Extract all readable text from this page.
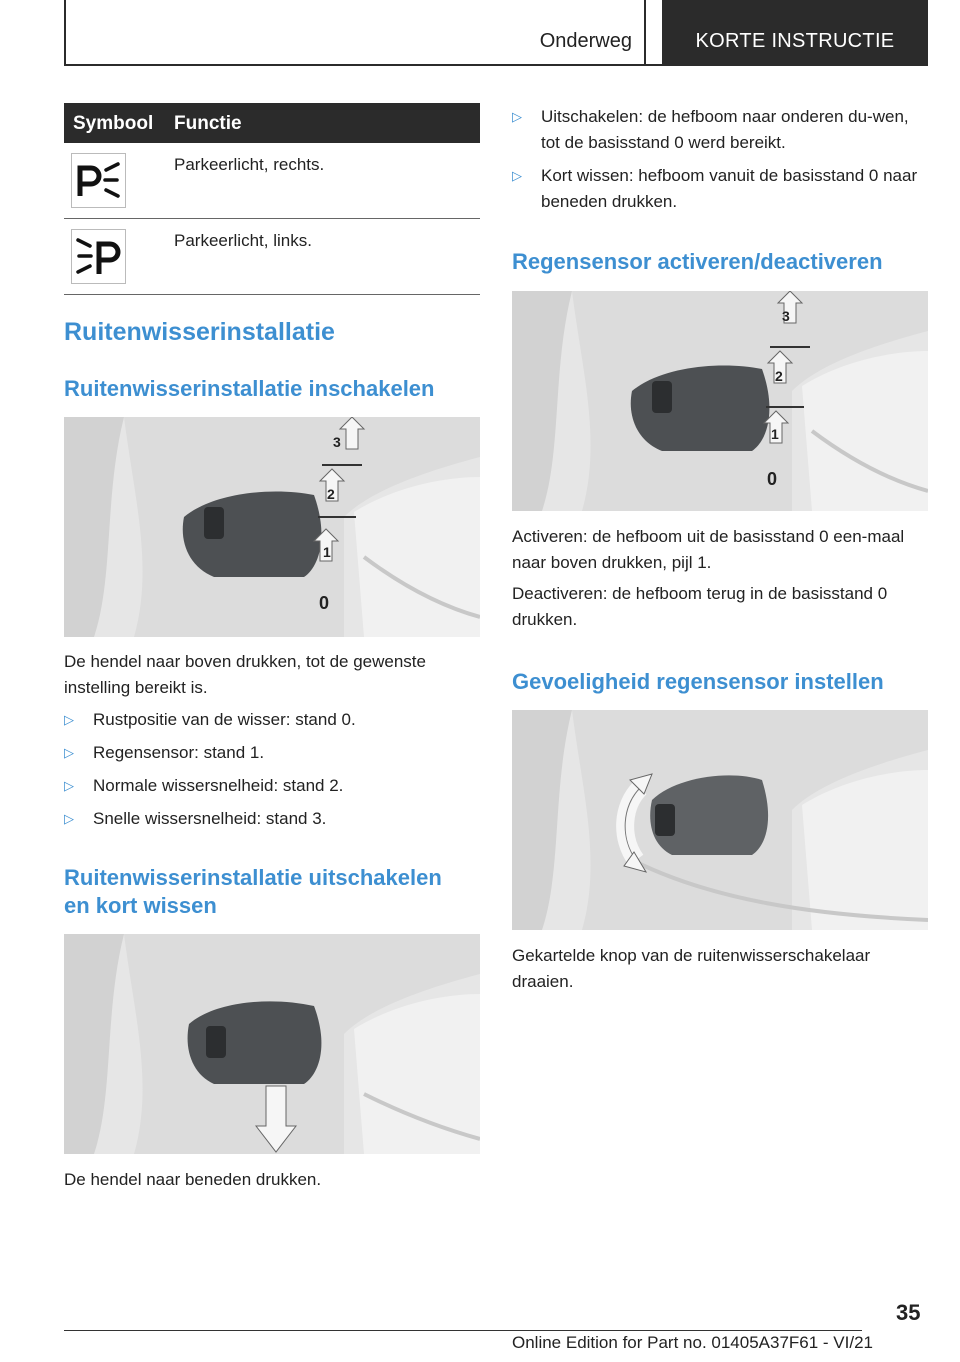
Onderweg	KORTE INSTRUCTIE
Symbool Functie
Parkeerlicht, rechts.
Parkeerlicht, links.
Ruitenwisserinstallatie
Ruitenwisserinstallatie inschakelen
3
2
1
0

De hendel naar boven drukken, tot de gewenste instelling bereikt is.

▷ Rustpositie van de wisser: stand 0.
▷ Regensensor: stand 1.
▷ Normale wissersnelheid: stand 2.
▷ Snelle wissersnelheid: stand 3.
Ruitenwisserinstallatie uitschakelen
en kort wissen

De hendel naar beneden drukken.

▷ Uitschakelen: de hefboom naar onderen du-wen, tot de basisstand 0 werd bereikt.
▷ Kort wissen: hefboom vanuit de basisstand 0 naar beneden drukken.
Regensensor activeren/deactiveren
3
2
1
0

Activeren: de hefboom uit de basisstand 0 een-maal naar boven drukken, pijl 1.

Deactiveren: de hefboom terug in de basisstand 0 drukken.

Gevoeligheid regensensor instellen

Gekartelde knop van de ruitenwisserschakelaar draaien.

35
Online Edition for Part no. 01405A37F61 - VI/21
